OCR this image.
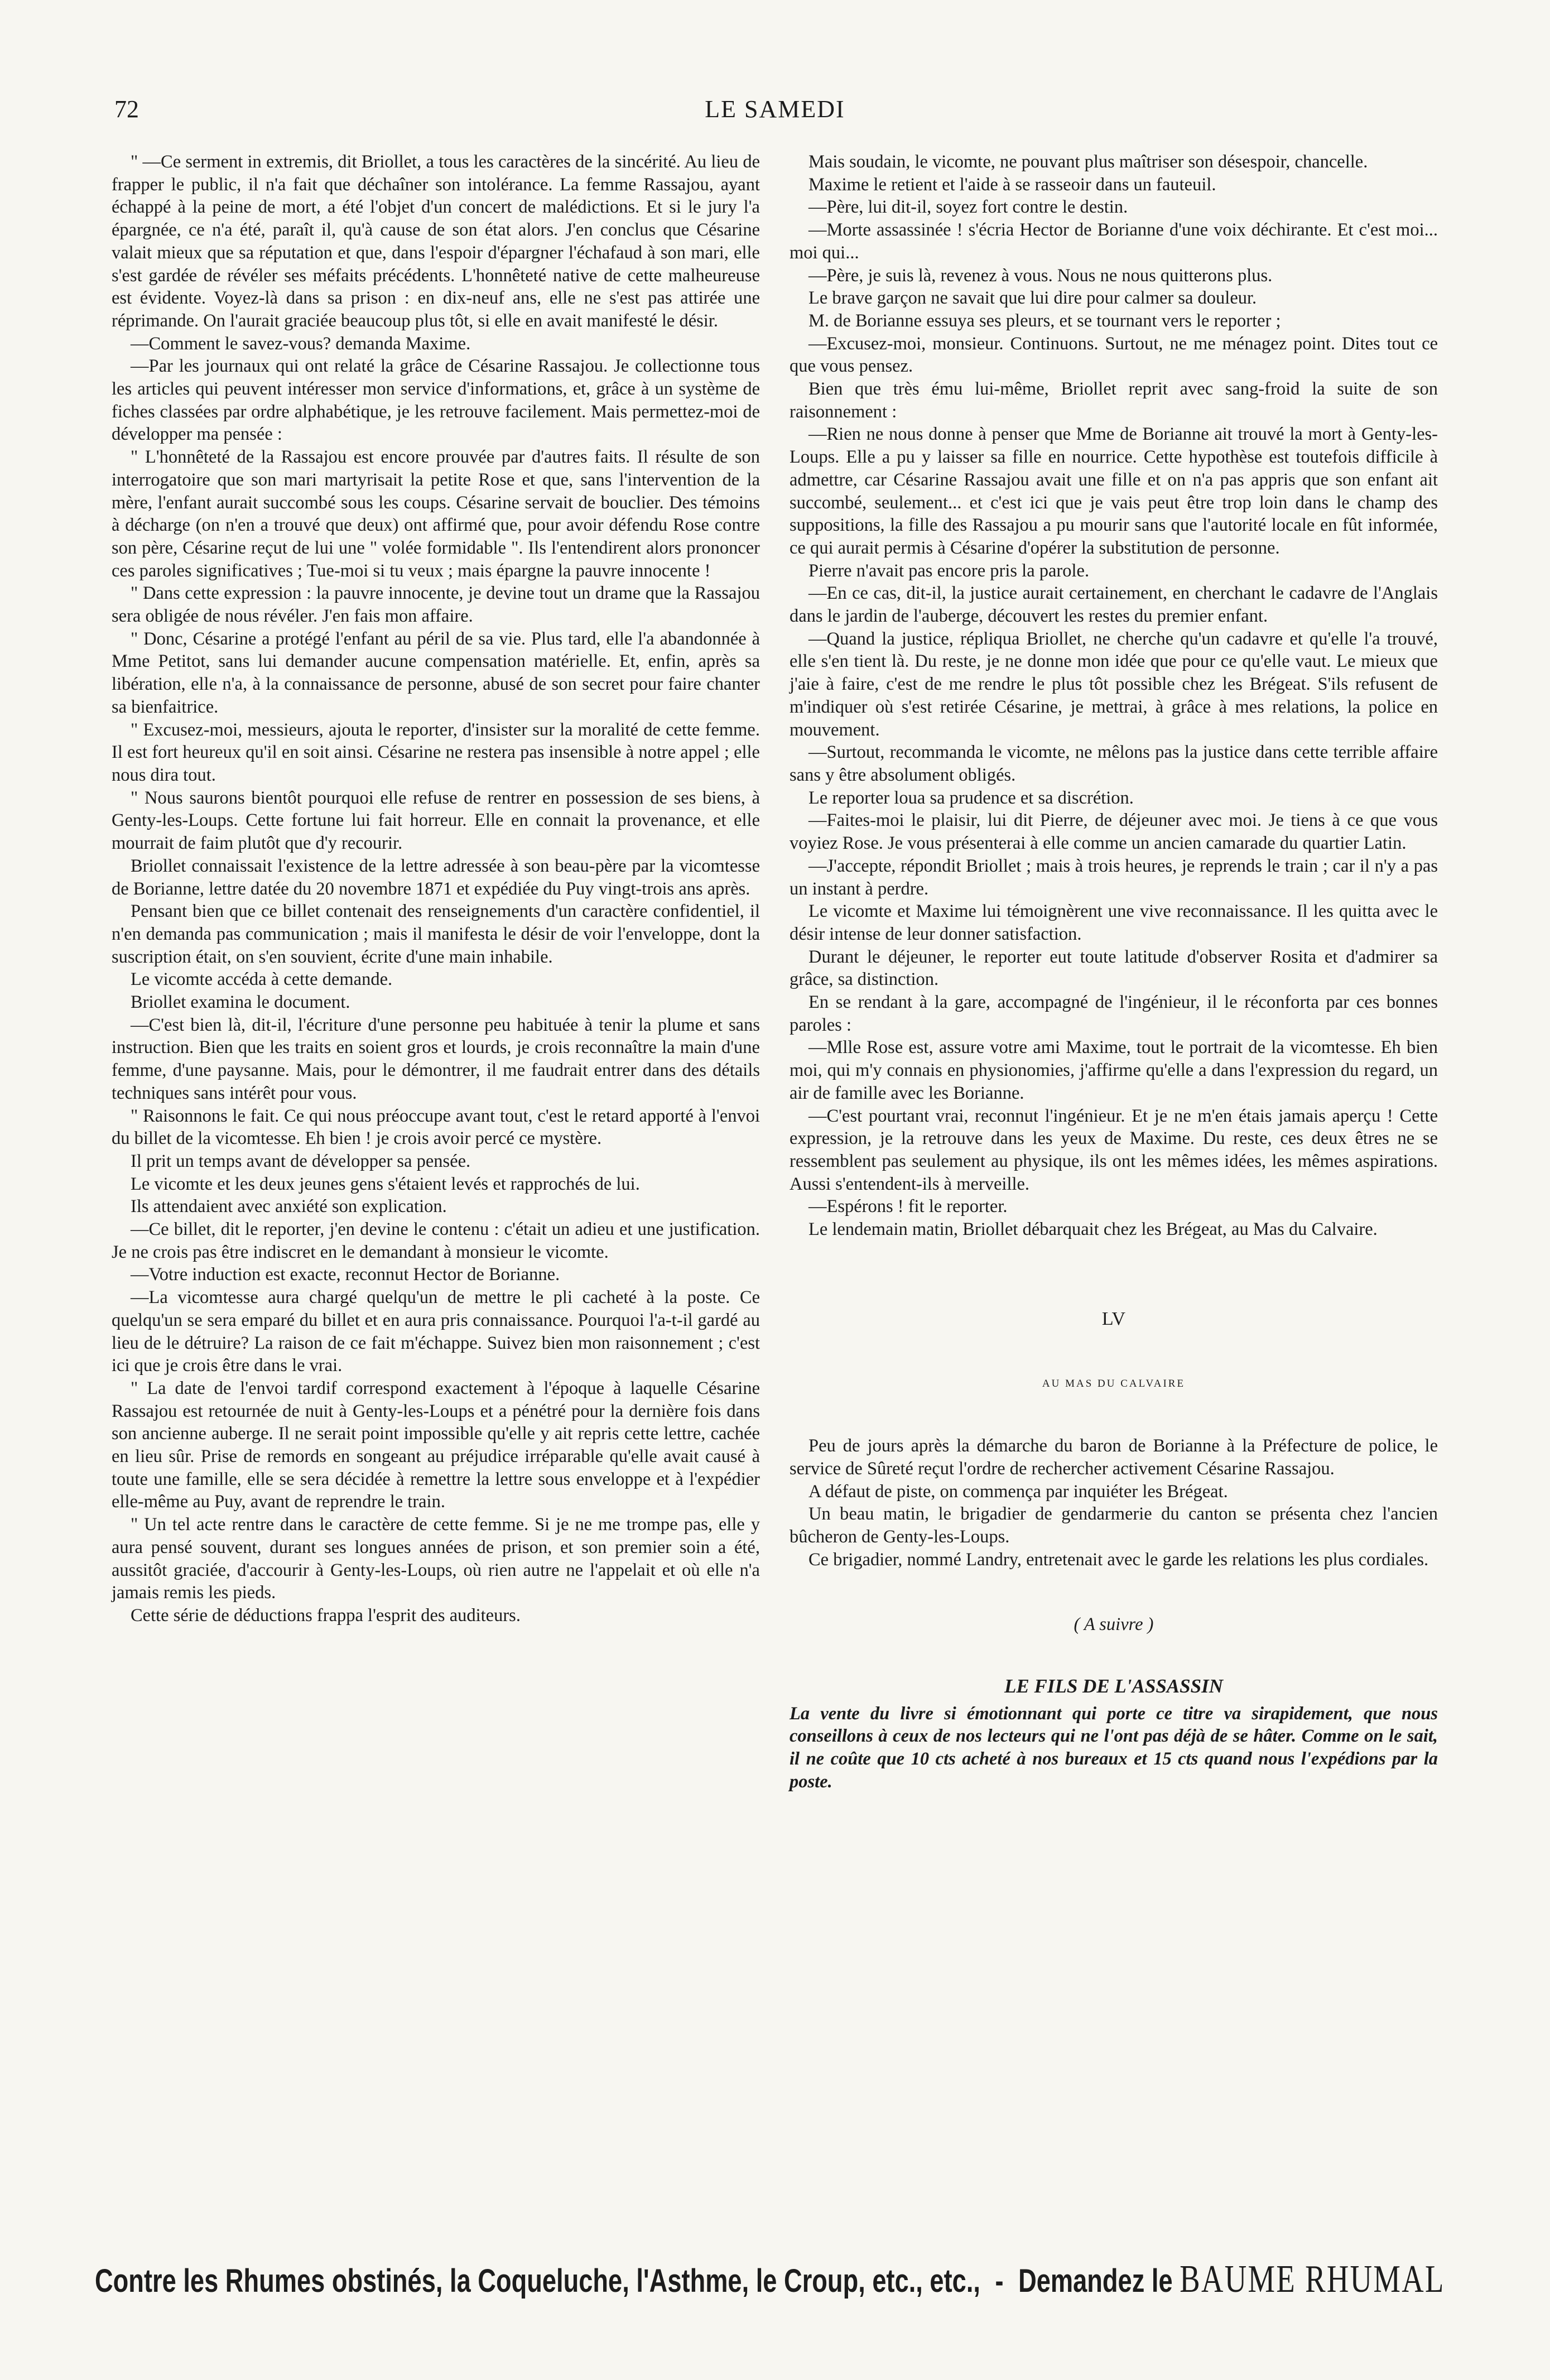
72	LE SAMEDI

" —Ce serment in extremis, dit Briollet, a tous les caractères de la sincérité. Au lieu de frapper le public, il n'a fait que déchaîner son intolérance. La femme Rassajou, ayant échappé à la peine de mort, a été l'objet d'un concert de malédictions. Et si le jury l'a épargnée, ce n'a été, paraît il, qu'à cause de son état alors. J'en conclus que Césarine valait mieux que sa réputation et que, dans l'espoir d'épargner l'échafaud à son mari, elle s'est gardée de révéler ses méfaits précédents. L'honnêteté native de cette malheureuse est évidente. Voyez-là dans sa prison : en dix-neuf ans, elle ne s'est pas attirée une réprimande. On l'aurait graciée beaucoup plus tôt, si elle en avait manifesté le désir.

—Comment le savez-vous? demanda Maxime.

—Par les journaux qui ont relaté la grâce de Césarine Rassajou. Je collectionne tous les articles qui peuvent intéresser mon service d'informations, et, grâce à un système de fiches classées par ordre alphabétique, je les retrouve facilement. Mais permettez-moi de développer ma pensée :

" L'honnêteté de la Rassajou est encore prouvée par d'autres faits. Il résulte de son interrogatoire que son mari martyrisait la petite Rose et que, sans l'intervention de la mère, l'enfant aurait succombé sous les coups. Césarine servait de bouclier. Des témoins à décharge (on n'en a trouvé que deux) ont affirmé que, pour avoir défendu Rose contre son père, Césarine reçut de lui une " volée formidable ". Ils l'entendirent alors prononcer ces paroles significatives ; Tue-moi si tu veux ; mais épargne la pauvre innocente !

" Dans cette expression : la pauvre innocente, je devine tout un drame que la Rassajou sera obligée de nous révéler. J'en fais mon affaire.

" Donc, Césarine a protégé l'enfant au péril de sa vie. Plus tard, elle l'a abandonnée à Mme Petitot, sans lui demander aucune compensation matérielle. Et, enfin, après sa libération, elle n'a, à la connaissance de personne, abusé de son secret pour faire chanter sa bienfaitrice.

" Excusez-moi, messieurs, ajouta le reporter, d'insister sur la moralité de cette femme. Il est fort heureux qu'il en soit ainsi. Césarine ne restera pas insensible à notre appel ; elle nous dira tout.

" Nous saurons bientôt pourquoi elle refuse de rentrer en possession de ses biens, à Genty-les-Loups. Cette fortune lui fait horreur. Elle en connait la provenance, et elle mourrait de faim plutôt que d'y recourir.

Briollet connaissait l'existence de la lettre adressée à son beau-père par la vicomtesse de Borianne, lettre datée du 20 novembre 1871 et expédiée du Puy vingt-trois ans après.

Pensant bien que ce billet contenait des renseignements d'un caractère confidentiel, il n'en demanda pas communication ; mais il manifesta le désir de voir l'enveloppe, dont la suscription était, on s'en souvient, écrite d'une main inhabile.

Le vicomte accéda à cette demande.

Briollet examina le document.

—C'est bien là, dit-il, l'écriture d'une personne peu habituée à tenir la plume et sans instruction. Bien que les traits en soient gros et lourds, je crois reconnaître la main d'une femme, d'une paysanne. Mais, pour le démontrer, il me faudrait entrer dans des détails techniques sans intérêt pour vous.

" Raisonnons le fait. Ce qui nous préoccupe avant tout, c'est le retard apporté à l'envoi du billet de la vicomtesse. Eh bien ! je crois avoir percé ce mystère.

Il prit un temps avant de développer sa pensée.

Le vicomte et les deux jeunes gens s'étaient levés et rapprochés de lui.

Ils attendaient avec anxiété son explication.

—Ce billet, dit le reporter, j'en devine le contenu : c'était un adieu et une justification. Je ne crois pas être indiscret en le demandant à monsieur le vicomte.

—Votre induction est exacte, reconnut Hector de Borianne.

—La vicomtesse aura chargé quelqu'un de mettre le pli cacheté à la poste. Ce quelqu'un se sera emparé du billet et en aura pris connaissance. Pourquoi l'a-t-il gardé au lieu de le détruire? La raison de ce fait m'échappe. Suivez bien mon raisonnement ; c'est ici que je crois être dans le vrai.

" La date de l'envoi tardif correspond exactement à l'époque à laquelle Césarine Rassajou est retournée de nuit à Genty-les-Loups et a pénétré pour la dernière fois dans son ancienne auberge. Il ne serait point impossible qu'elle y ait repris cette lettre, cachée en lieu sûr. Prise de remords en songeant au préjudice irréparable qu'elle avait causé à toute une famille, elle se sera décidée à remettre la lettre sous enveloppe et à l'expédier elle-même au Puy, avant de reprendre le train.

" Un tel acte rentre dans le caractère de cette femme. Si je ne me trompe pas, elle y aura pensé souvent, durant ses longues années de prison, et son premier soin a été, aussitôt graciée, d'accourir à Genty-les-Loups, où rien autre ne l'appelait et où elle n'a jamais remis les pieds.

Cette série de déductions frappa l'esprit des auditeurs.

Mais soudain, le vicomte, ne pouvant plus maîtriser son désespoir, chancelle.

Maxime le retient et l'aide à se rasseoir dans un fauteuil.

—Père, lui dit-il, soyez fort contre le destin.

—Morte assassinée ! s'écria Hector de Borianne d'une voix déchirante. Et c'est moi... moi qui...

—Père, je suis là, revenez à vous. Nous ne nous quitterons plus.

Le brave garçon ne savait que lui dire pour calmer sa douleur.

M. de Borianne essuya ses pleurs, et se tournant vers le reporter ;

—Excusez-moi, monsieur. Continuons. Surtout, ne me ménagez point. Dites tout ce que vous pensez.

Bien que très ému lui-même, Briollet reprit avec sang-froid la suite de son raisonnement :

—Rien ne nous donne à penser que Mme de Borianne ait trouvé la mort à Genty-les-Loups. Elle a pu y laisser sa fille en nourrice. Cette hypothèse est toutefois difficile à admettre, car Césarine Rassajou avait une fille et on n'a pas appris que son enfant ait succombé, seulement... et c'est ici que je vais peut être trop loin dans le champ des suppositions, la fille des Rassajou a pu mourir sans que l'autorité locale en fût informée, ce qui aurait permis à Césarine d'opérer la substitution de personne.

Pierre n'avait pas encore pris la parole.

—En ce cas, dit-il, la justice aurait certainement, en cherchant le cadavre de l'Anglais dans le jardin de l'auberge, découvert les restes du premier enfant.

—Quand la justice, répliqua Briollet, ne cherche qu'un cadavre et qu'elle l'a trouvé, elle s'en tient là. Du reste, je ne donne mon idée que pour ce qu'elle vaut. Le mieux que j'aie à faire, c'est de me rendre le plus tôt possible chez les Brégeat. S'ils refusent de m'indiquer où s'est retirée Césarine, je mettrai, à grâce à mes relations, la police en mouvement.

—Surtout, recommanda le vicomte, ne mêlons pas la justice dans cette terrible affaire sans y être absolument obligés.

Le reporter loua sa prudence et sa discrétion.

—Faites-moi le plaisir, lui dit Pierre, de déjeuner avec moi. Je tiens à ce que vous voyiez Rose. Je vous présenterai à elle comme un ancien camarade du quartier Latin.

—J'accepte, répondit Briollet ; mais à trois heures, je reprends le train ; car il n'y a pas un instant à perdre.

Le vicomte et Maxime lui témoignèrent une vive reconnaissance. Il les quitta avec le désir intense de leur donner satisfaction.

Durant le déjeuner, le reporter eut toute latitude d'observer Rosita et d'admirer sa grâce, sa distinction.

En se rendant à la gare, accompagné de l'ingénieur, il le réconforta par ces bonnes paroles :

—Mlle Rose est, assure votre ami Maxime, tout le portrait de la vicomtesse. Eh bien moi, qui m'y connais en physionomies, j'affirme qu'elle a dans l'expression du regard, un air de famille avec les Borianne.

—C'est pourtant vrai, reconnut l'ingénieur. Et je ne m'en étais jamais aperçu ! Cette expression, je la retrouve dans les yeux de Maxime. Du reste, ces deux êtres ne se ressemblent pas seulement au physique, ils ont les mêmes idées, les mêmes aspirations. Aussi s'entendent-ils à merveille.

—Espérons ! fit le reporter.

Le lendemain matin, Briollet débarquait chez les Brégeat, au Mas du Calvaire.

LV
AU MAS DU CALVAIRE

Peu de jours après la démarche du baron de Borianne à la Préfecture de police, le service de Sûreté reçut l'ordre de rechercher activement Césarine Rassajou.

A défaut de piste, on commença par inquiéter les Brégeat.

Un beau matin, le brigadier de gendarmerie du canton se présenta chez l'ancien bûcheron de Genty-les-Loups.

Ce brigadier, nommé Landry, entretenait avec le garde les relations les plus cordiales.

( A suivre )
LE FILS DE L'ASSASSIN

La vente du livre si émotionnant qui porte ce titre va sirapidement, que nous conseillons à ceux de nos lecteurs qui ne l'ont pas déjà de se hâter. Comme on le sait, il ne coûte que 10 cts acheté à nos bureaux et 15 cts quand nous l'expédions par la poste.

Contre les Rhumes obstinés, la Coqueluche, l'Asthme, le Croup, etc., etc., - Demandez le BAUME RHUMAL
